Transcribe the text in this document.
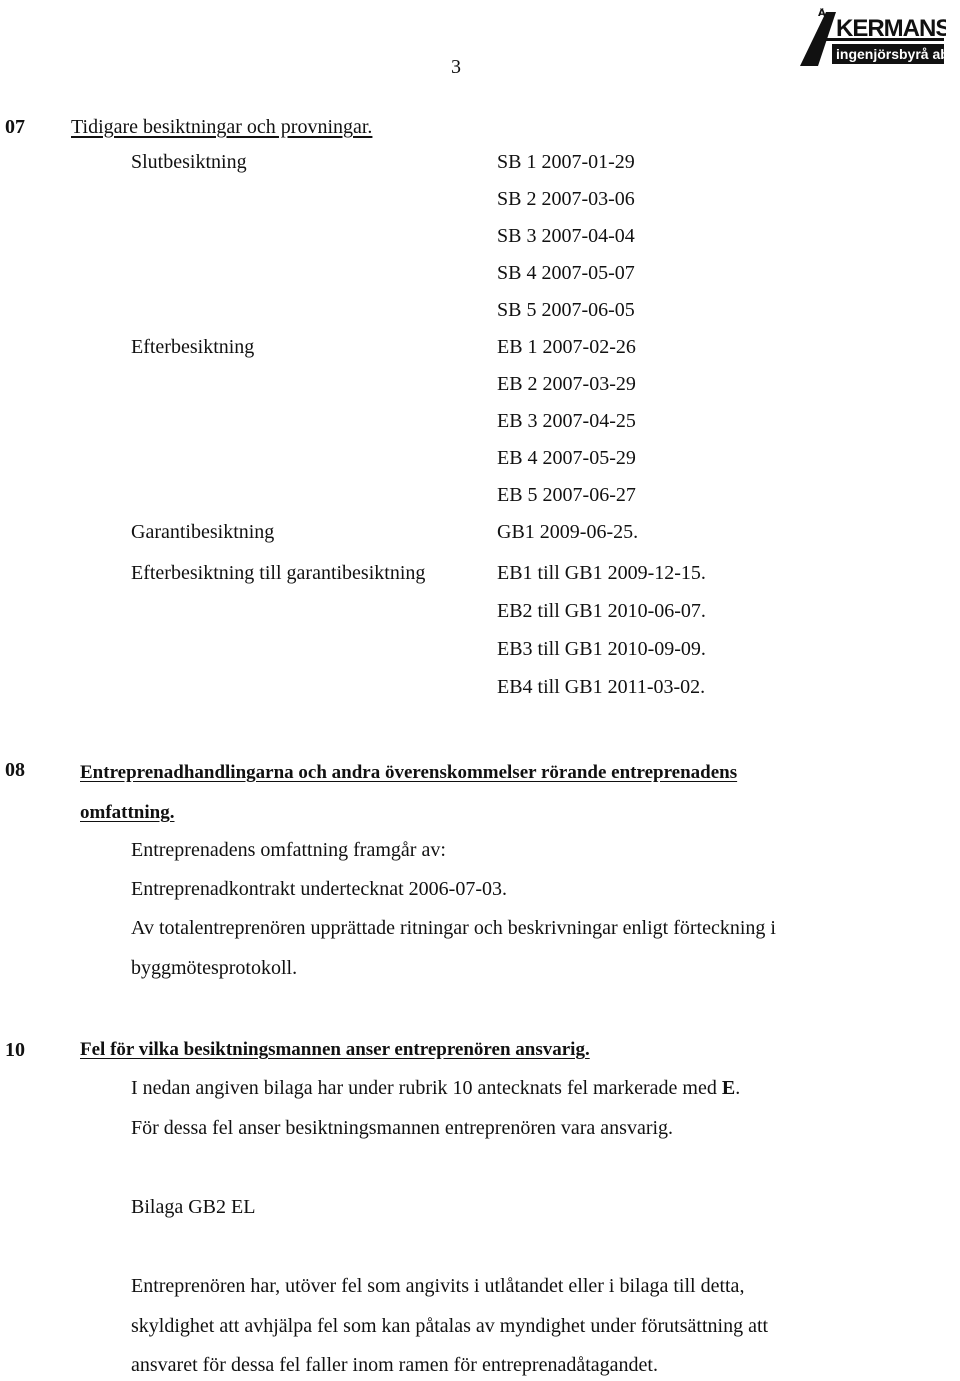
Å
KERMANS
ingenjörsbyrå ab
3
07 Tidigare besiktningar och provningar.
Slutbesiktning	SB 1 2007-01-29
SB 2 2007-03-06
SB 3 2007-04-04
SB 4 2007-05-07
SB 5 2007-06-05
Efterbesiktning	EB 1 2007-02-26
EB 2 2007-03-29
EB 3 2007-04-25
EB 4 2007-05-29
EB 5 2007-06-27
Garantibesiktning	GB1 2009-06-25.
Efterbesiktning till garantibesiktning	EB1 till GB1 2009-12-15.
EB2 till GB1 2010-06-07.
EB3 till GB1 2010-09-09.
EB4 till GB1 2011-03-02.
08	Entreprenadhandlingarna och andra överenskommelser rörande entreprenadens
omfattning.
Entreprenadens omfattning framgår av:
Entreprenadkontrakt undertecknat 2006-07-03.
Av totalentreprenören upprättade ritningar och beskrivningar enligt förteckning i
byggmötesprotokoll.
10	Fel för vilka besiktningsmannen anser entreprenören ansvarig.
I nedan angiven bilaga har under rubrik 10 antecknats fel markerade med E.
För dessa fel anser besiktningsmannen entreprenören vara ansvarig.
Bilaga GB2 EL
Entreprenören har, utöver fel som angivits i utlåtandet eller i bilaga till detta,
skyldighet att avhjälpa fel som kan påtalas av myndighet under förutsättning att
ansvaret för dessa fel faller inom ramen för entreprenadåtagandet.
